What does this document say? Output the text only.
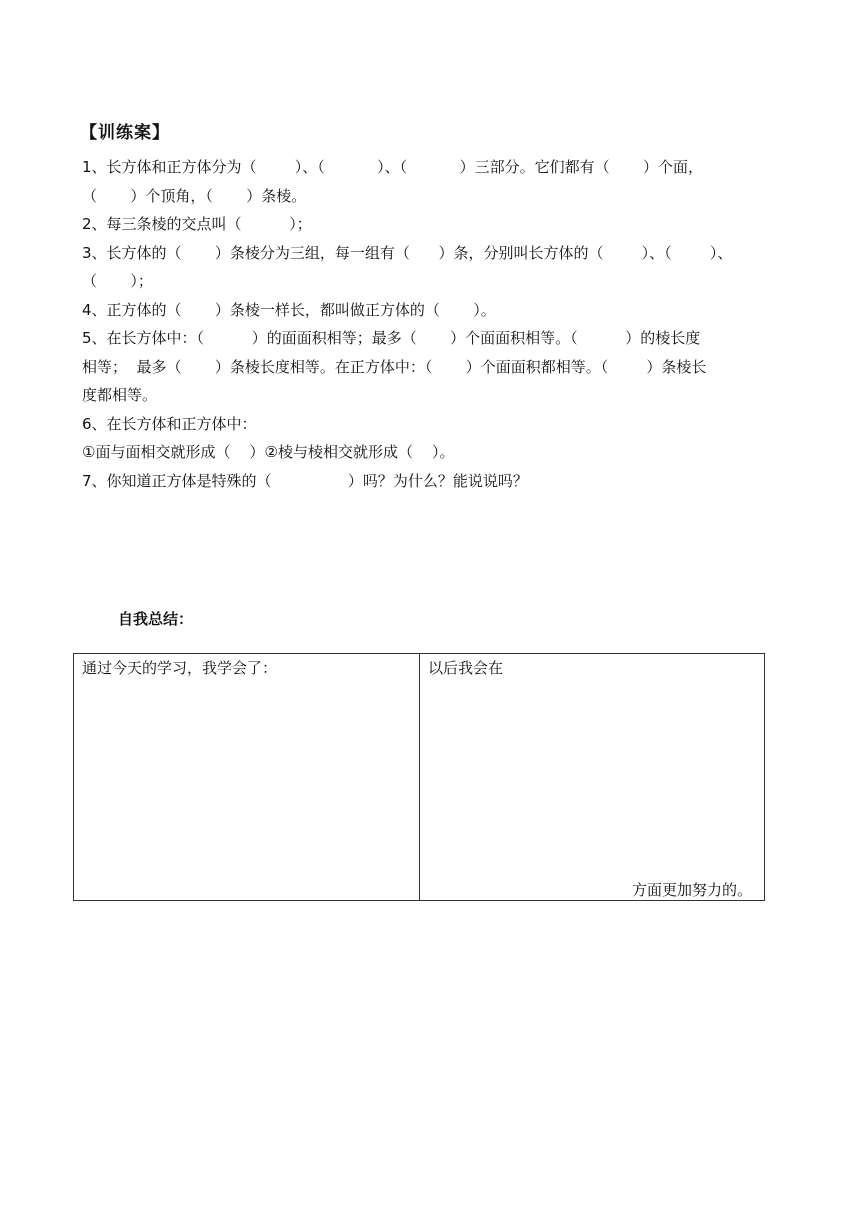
【训练案】
1、长方体和正方体分为（        ）、（           ）、（           ）三部分。它们都有（       ）个面，
（       ）个顶角，（       ）条棱。
2、每三条棱的交点叫（          ）；
3、长方体的（       ）条棱分为三组，每一组有（      ）条，分别叫长方体的（        ）、（        ）、
（       ）；
4、正方体的（       ）条棱一样长，都叫做正方体的（       ）。
5、在长方体中：（          ）的面面积相等；最多（       ）个面面积相等。（          ）的棱长度
相等；  最多（       ）条棱长度相等。在正方体中：（       ）个面面积都相等。（        ）条棱长
度都相等。
6、在长方体和正方体中：
①面与面相交就形成（    ）②棱与棱相交就形成（    ）。
7、你知道正方体是特殊的（                ）吗？为什么？能说说吗？
自我总结：
通过今天的学习，我学会了：	以后我会在
方面更加努力的。
